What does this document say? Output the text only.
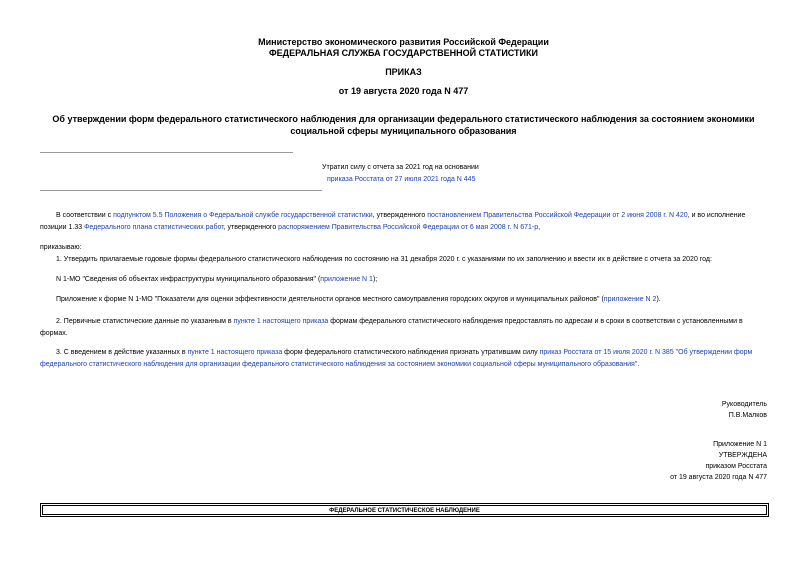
Министерство экономического развития Российской Федерации
ФЕДЕРАЛЬНАЯ СЛУЖБА ГОСУДАРСТВЕННОЙ СТАТИСТИКИ
ПРИКАЗ
от 19 августа 2020 года N 477
Об утверждении форм федерального статистического наблюдения для организации федерального статистического наблюдения за состоянием экономики
социальной сферы муниципального образования
Утратил силу с отчета за 2021 год на основании
приказа Росстата от 27 июля 2021 года N 445
В соответствии с подпунктом 5.5 Положения о Федеральной службе государственной статистики, утвержденного постановлением Правительства Российской Федерации от 2 июня 2008 г. N 420, и во исполнение позиции 1.33 Федерального плана статистических работ, утвержденного распоряжением Правительства Российской Федерации от 6 мая 2008 г. N 671-р,
приказываю:
1. Утвердить прилагаемые годовые формы федерального статистического наблюдения по состоянию на 31 декабря 2020 г. с указаниями по их заполнению и ввести их в действие с отчета за 2020 год:
N 1-МО "Сведения об объектах инфраструктуры муниципального образования" (приложение N 1);
Приложение к форме N 1-МО "Показатели для оценки эффективности деятельности органов местного самоуправления городских округов и муниципальных районов" (приложение N 2).
2. Первичные статистические данные по указанным в пункте 1 настоящего приказа формам федерального статистического наблюдения предоставлять по адресам и в сроки в соответствии с установленными в формах.
3. С введением в действие указанных в пункте 1 настоящего приказа форм федерального статистического наблюдения признать утратившим силу приказ Росстата от 15 июля 2020 г. N 385 "Об утверждении форм федерального статистического наблюдения для организации федерального статистического наблюдения за состоянием экономики социальной сферы муниципального образования".
Руководитель
П.В.Малков
Приложение N 1
УТВЕРЖДЕНА
приказом Росстата
от 19 августа 2020 года N 477
ФЕДЕРАЛЬНОЕ СТАТИСТИЧЕСКОЕ НАБЛЮДЕНИЕ
